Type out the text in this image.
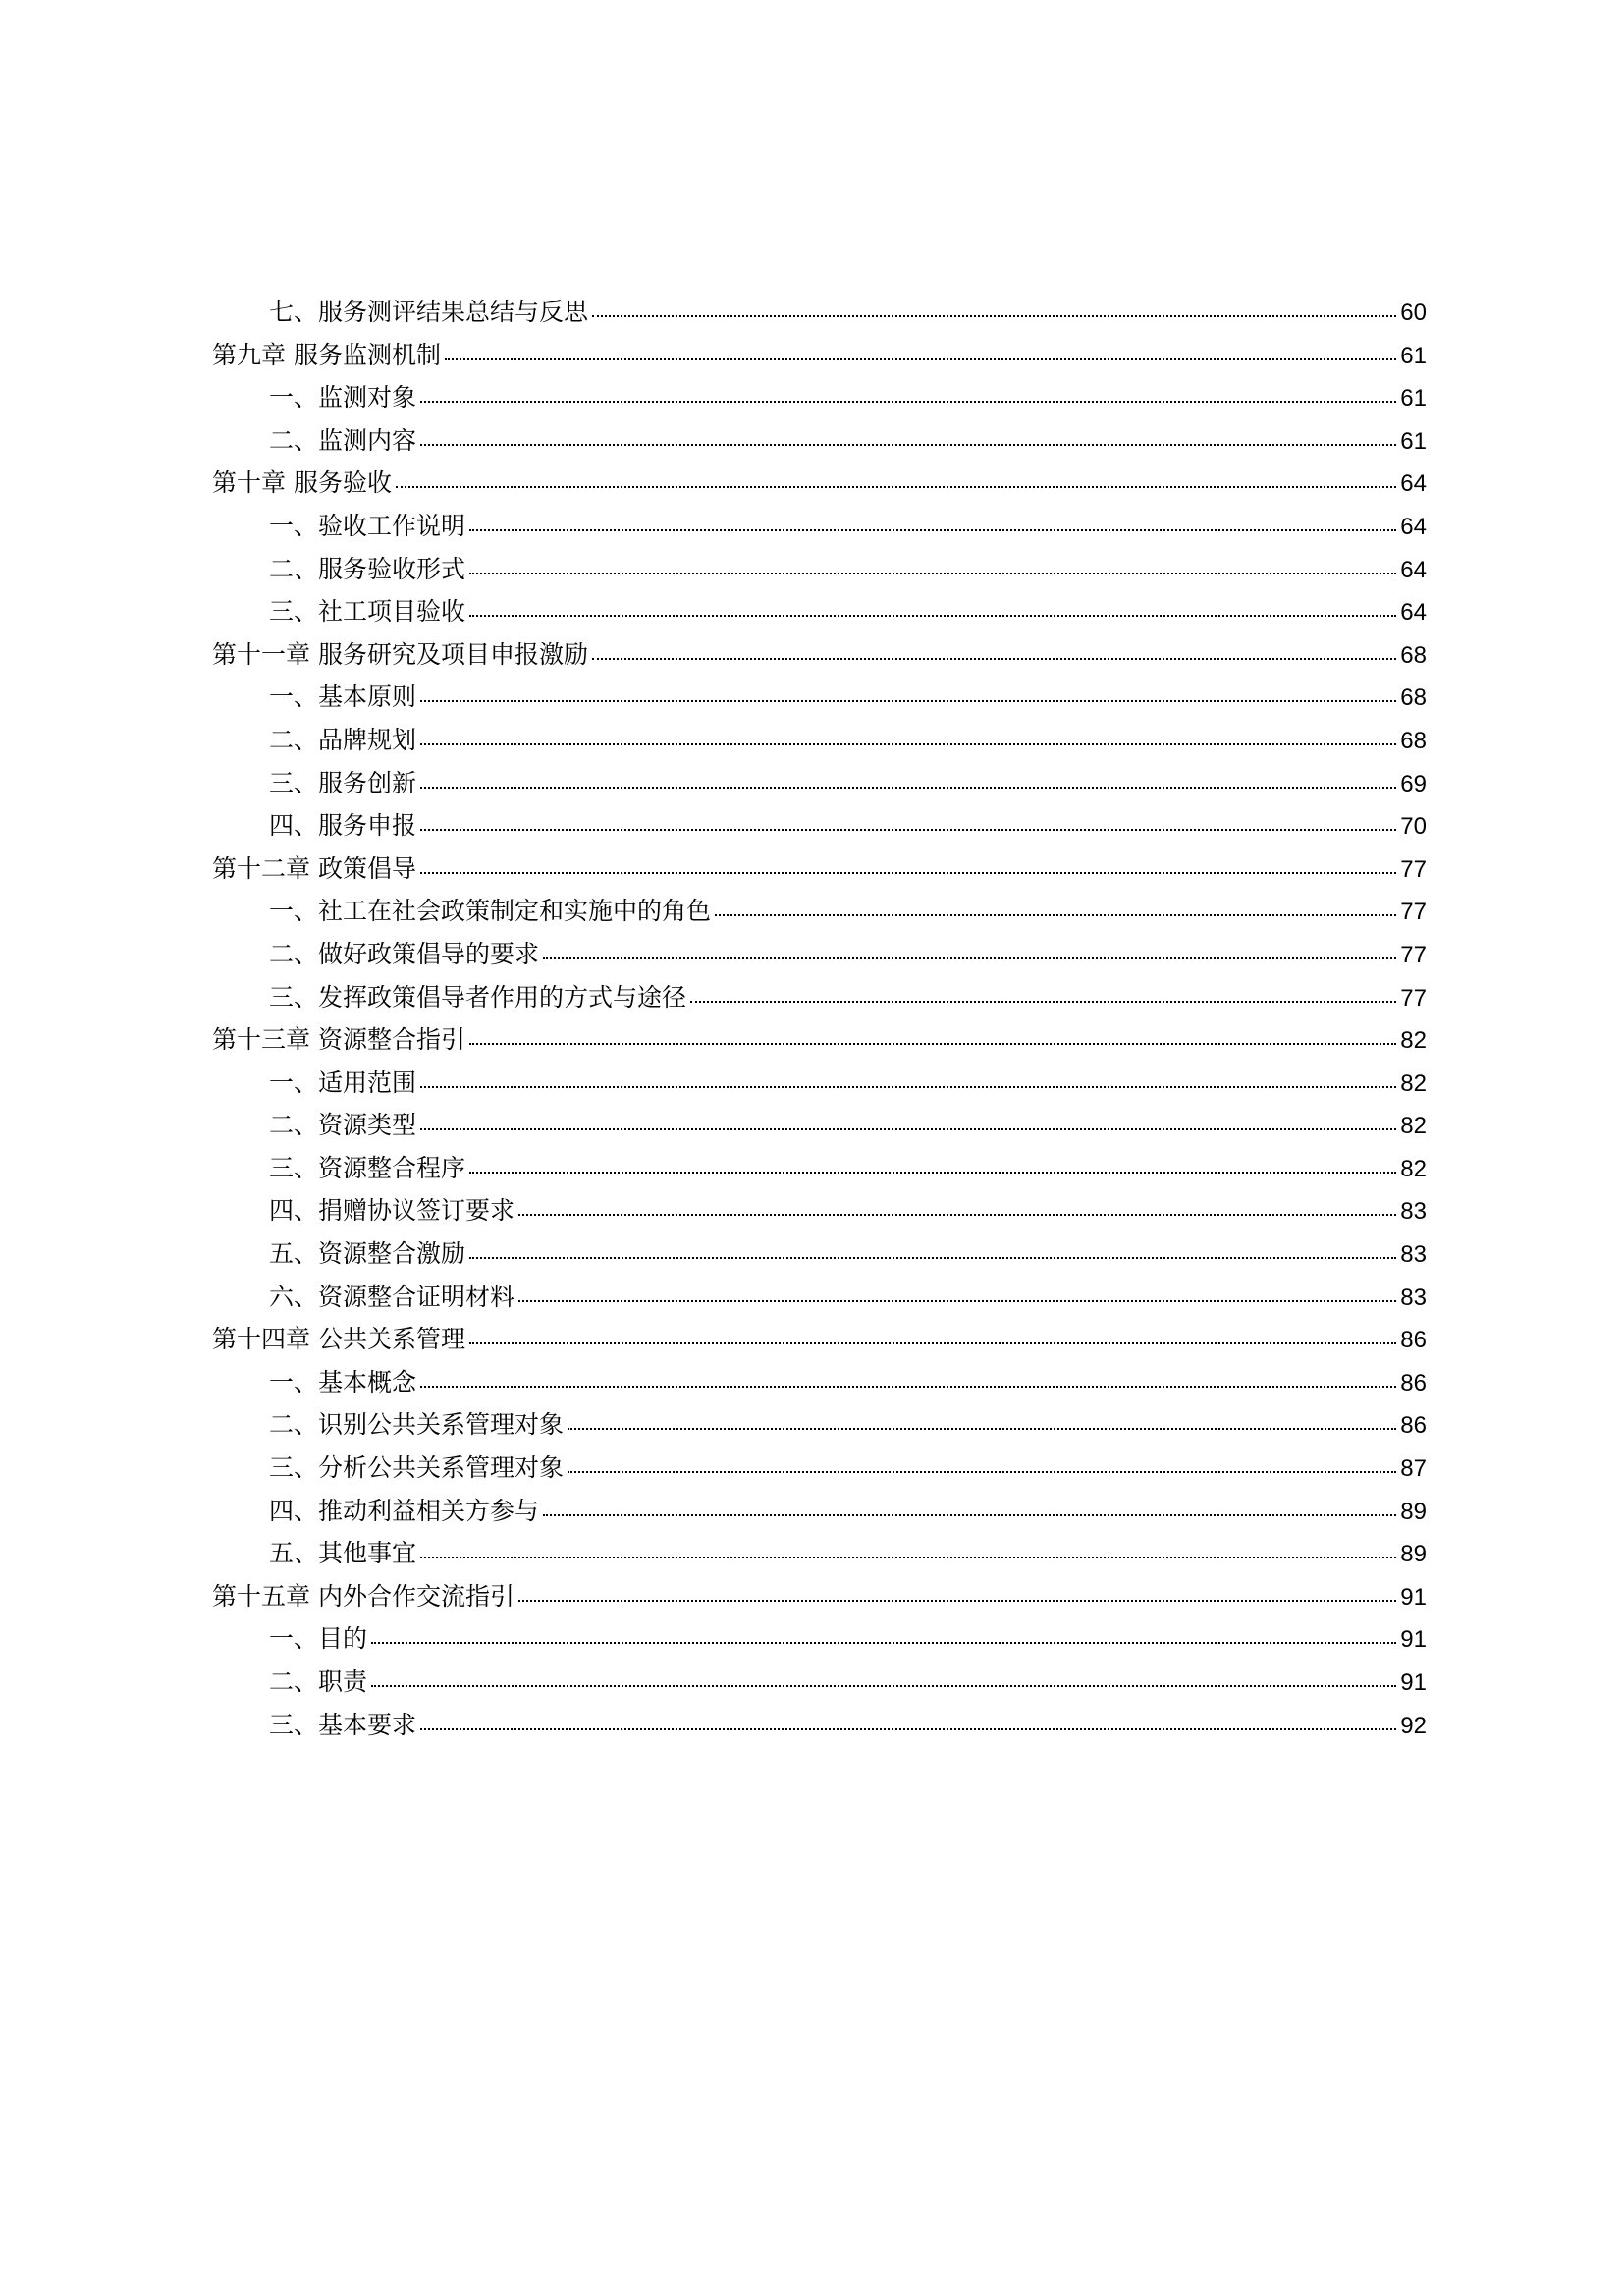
七、服务测评结果总结与反思	60
第九章 服务监测机制	61
一、监测对象	61
二、监测内容	61
第十章 服务验收	64
一、验收工作说明	64
二、服务验收形式	64
三、社工项目验收	64
第十一章 服务研究及项目申报激励	68
一、基本原则	68
二、品牌规划	68
三、服务创新	69
四、服务申报	70
第十二章 政策倡导	77
一、社工在社会政策制定和实施中的角色	77
二、做好政策倡导的要求	77
三、发挥政策倡导者作用的方式与途径	77
第十三章 资源整合指引	82
一、适用范围	82
二、资源类型	82
三、资源整合程序	82
四、捐赠协议签订要求	83
五、资源整合激励	83
六、资源整合证明材料	83
第十四章 公共关系管理	86
一、基本概念	86
二、识别公共关系管理对象	86
三、分析公共关系管理对象	87
四、推动利益相关方参与	89
五、其他事宜	89
第十五章 内外合作交流指引	91
一、目的	91
二、职责	91
三、基本要求	92
